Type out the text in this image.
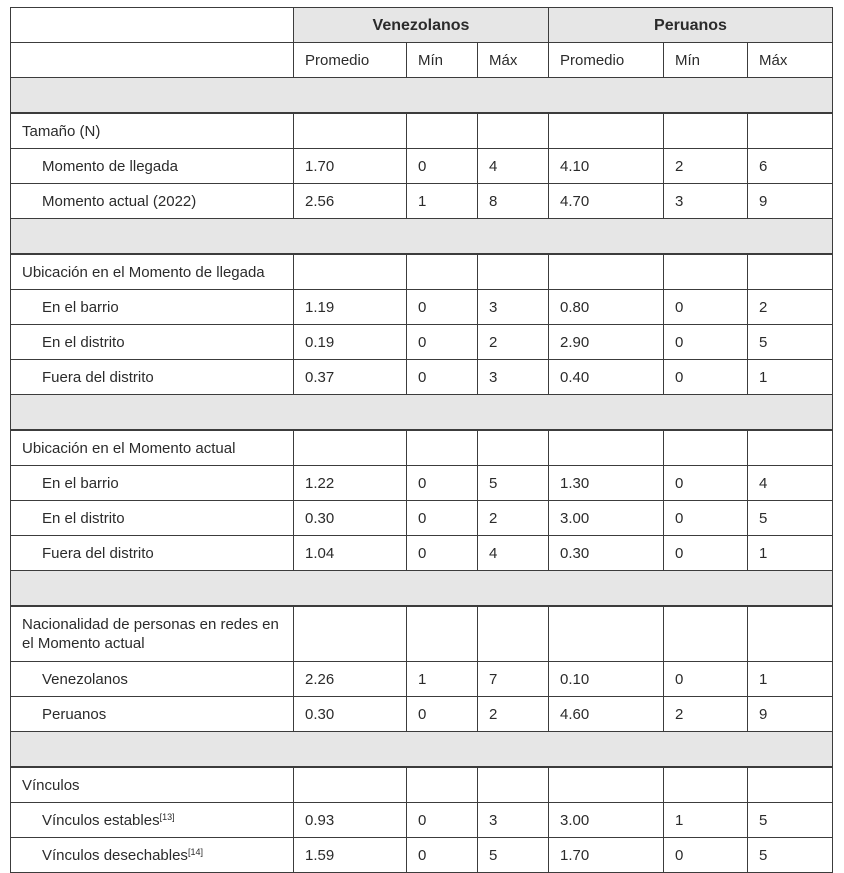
	Venezolanos			Peruanos		
	Promedio	Mín	Máx	Promedio	Mín	Máx

Tamaño (N)						
Momento de llegada	1.70	0	4	4.10	2	6
Momento actual (2022)	2.56	1	8	4.70	3	9

Ubicación en el Momento de llegada						
En el barrio	1.19	0	3	0.80	0	2
En el distrito	0.19	0	2	2.90	0	5
Fuera del distrito	0.37	0	3	0.40	0	1

Ubicación en el Momento actual						
En el barrio	1.22	0	5	1.30	0	4
En el distrito	0.30	0	2	3.00	0	5
Fuera del distrito	1.04	0	4	0.30	0	1

Nacionalidad de personas en redes en el Momento actual						
Venezolanos	2.26	1	7	0.10	0	1
Peruanos	0.30	0	2	4.60	2	9

Vínculos						
Vínculos estables[13]	0.93	0	3	3.00	1	5
Vínculos desechables[14]	1.59	0	5	1.70	0	5
